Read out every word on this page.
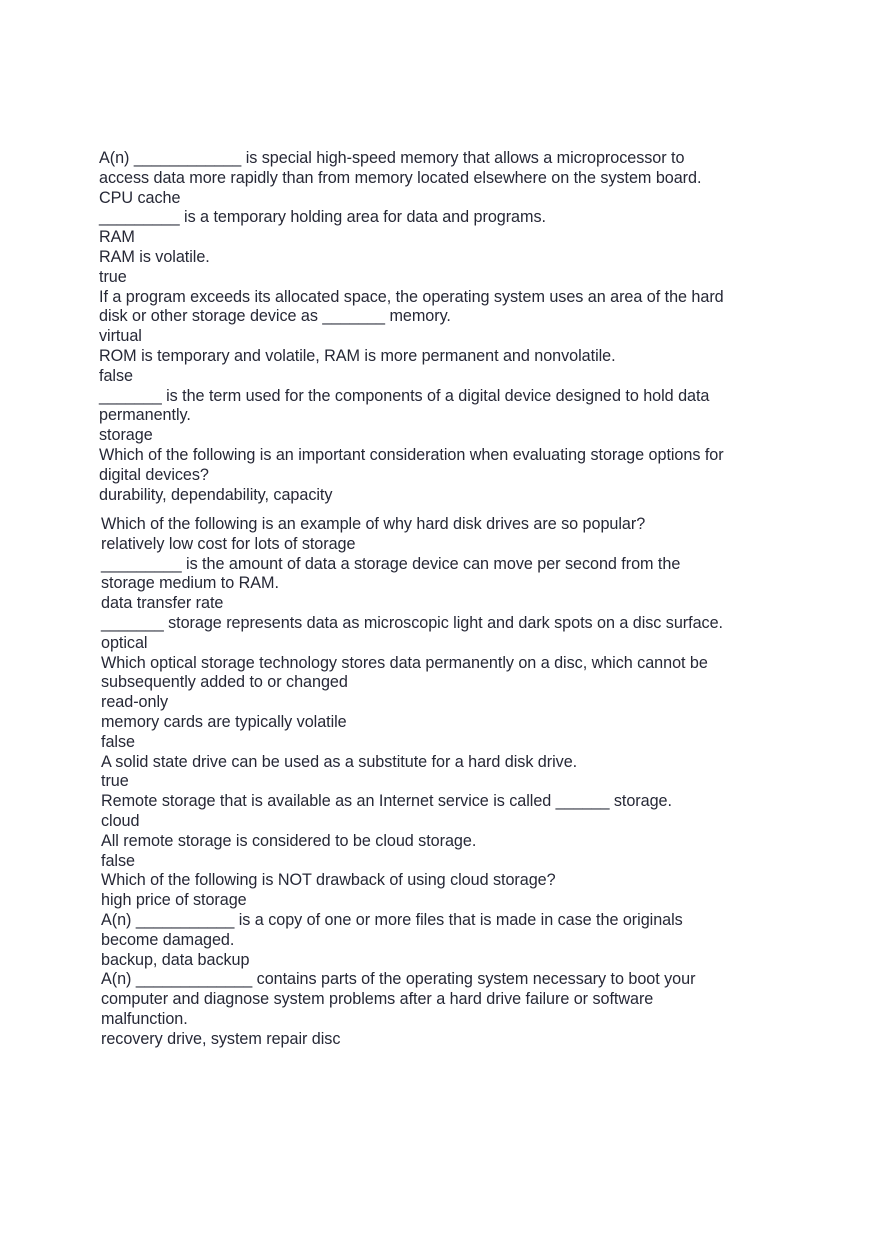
A(n) ____________ is special high-speed memory that allows a microprocessor to
access data more rapidly than from memory located elsewhere on the system board.
CPU cache
_________ is a temporary holding area for data and programs.
RAM
RAM is volatile.
true
If a program exceeds its allocated space, the operating system uses an area of the hard
disk or other storage device as _______ memory.
virtual
ROM is temporary and volatile, RAM is more permanent and nonvolatile.
false
_______ is the term used for the components of a digital device designed to hold data
permanently.
storage
Which of the following is an important consideration when evaluating storage options for
digital devices?
durability, dependability, capacity
Which of the following is an example of why hard disk drives are so popular?
relatively low cost for lots of storage
_________ is the amount of data a storage device can move per second from the
storage medium to RAM.
data transfer rate
_______ storage represents data as microscopic light and dark spots on a disc surface.
optical
Which optical storage technology stores data permanently on a disc, which cannot be
subsequently added to or changed
read-only
memory cards are typically volatile
false
A solid state drive can be used as a substitute for a hard disk drive.
true
Remote storage that is available as an Internet service is called ______ storage.
cloud
All remote storage is considered to be cloud storage.
false
Which of the following is NOT drawback of using cloud storage?
high price of storage
A(n) ___________ is a copy of one or more files that is made in case the originals
become damaged.
backup, data backup
A(n) _____________ contains parts of the operating system necessary to boot your
computer and diagnose system problems after a hard drive failure or software
malfunction.
recovery drive, system repair disc
